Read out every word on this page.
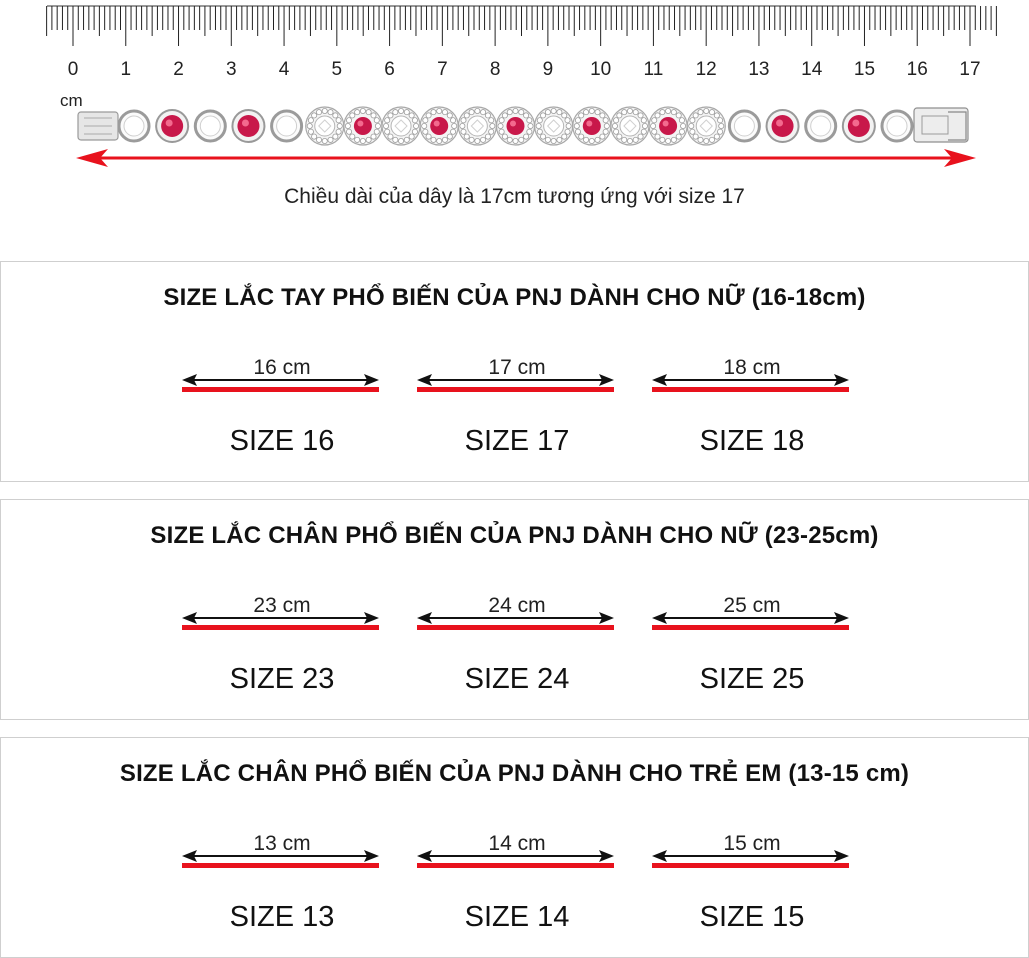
0 1 2 3 4 5 6 7 8 9 10 11 12 13 14 15 16 17
cm
Chiều dài của dây là 17cm tương ứng với size 17
SIZE LẮC TAY PHỔ BIẾN CỦA PNJ DÀNH CHO NỮ (16-18cm)
16 cm
SIZE 16
17 cm
SIZE 17
18 cm
SIZE 18
SIZE LẮC CHÂN PHỔ BIẾN CỦA PNJ DÀNH CHO NỮ (23-25cm)
23 cm
SIZE 23
24 cm
SIZE 24
25 cm
SIZE 25
SIZE LẮC CHÂN PHỔ BIẾN CỦA PNJ DÀNH CHO TRẺ EM (13-15 cm)
13 cm
SIZE 13
14 cm
SIZE 14
15 cm
SIZE 15
